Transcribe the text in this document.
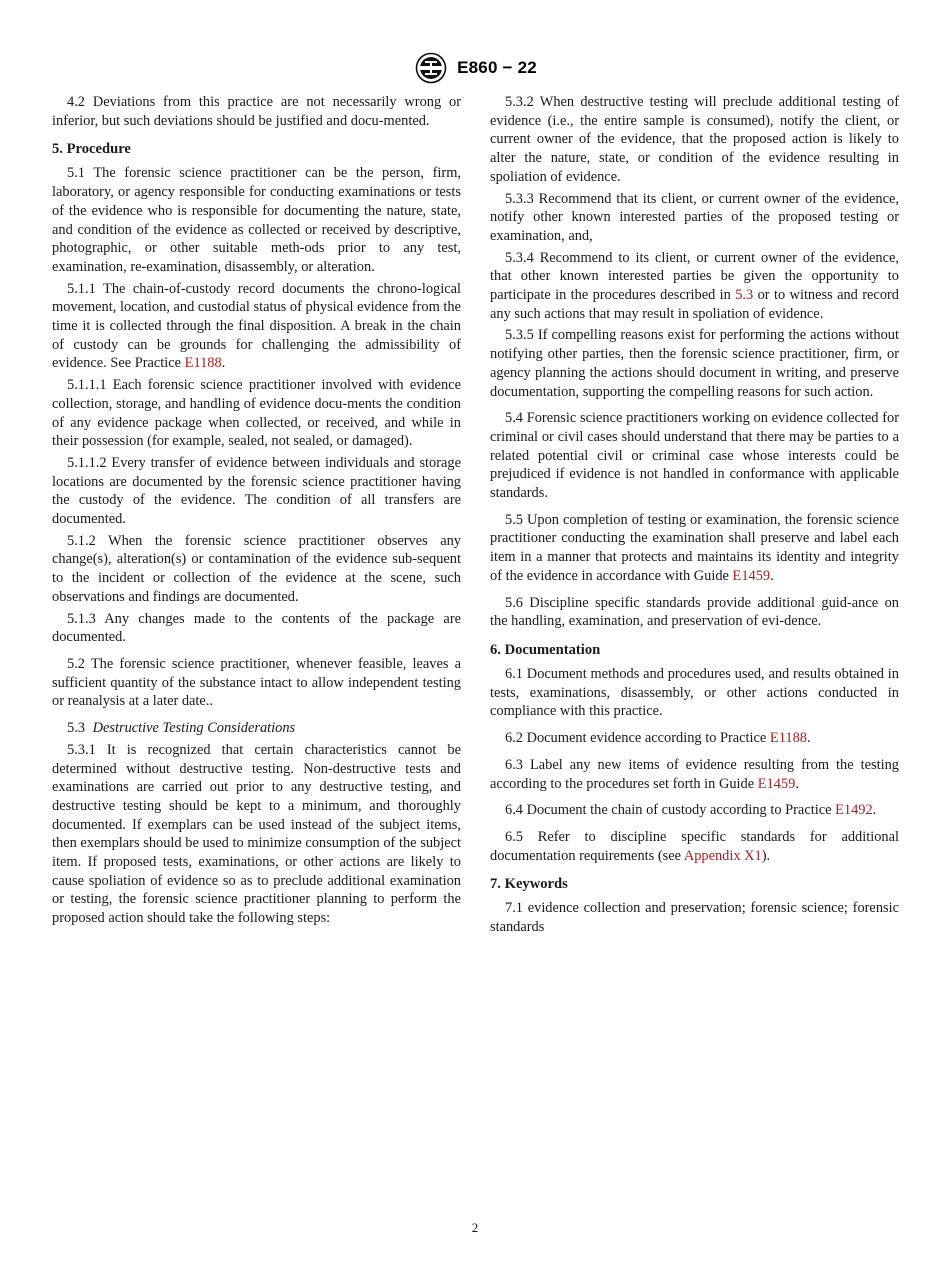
E860 − 22

4.2 Deviations from this practice are not necessarily wrong or inferior, but such deviations should be justified and docu-mented.

5. Procedure

5.1 The forensic science practitioner can be the person, firm, laboratory, or agency responsible for conducting examinations or tests of the evidence who is responsible for documenting the nature, state, and condition of the evidence as collected or received by descriptive, photographic, or other suitable meth-ods prior to any test, examination, re-examination, disassembly, or alteration.

5.1.1 The chain-of-custody record documents the chrono-logical movement, location, and custodial status of physical evidence from the time it is collected through the final disposition. A break in the chain of custody can be grounds for challenging the admissibility of evidence. See Practice E1188.

5.1.1.1 Each forensic science practitioner involved with evidence collection, storage, and handling of evidence docu-ments the condition of any evidence package when collected, or received, and while in their possession (for example, sealed, not sealed, or damaged).

5.1.1.2 Every transfer of evidence between individuals and storage locations are documented by the forensic science practitioner having the custody of the evidence. The condition of all transfers are documented.

5.1.2 When the forensic science practitioner observes any change(s), alteration(s) or contamination of the evidence sub-sequent to the incident or collection of the evidence at the scene, such observations and findings are documented.

5.1.3 Any changes made to the contents of the package are documented.

5.2 The forensic science practitioner, whenever feasible, leaves a sufficient quantity of the substance intact to allow independent testing or reanalysis at a later date..

5.3 Destructive Testing Considerations

5.3.1 It is recognized that certain characteristics cannot be determined without destructive testing. Non-destructive tests and examinations are carried out prior to any destructive testing, and destructive testing should be kept to a minimum, and thoroughly documented. If exemplars can be used instead of the subject items, then exemplars should be used to minimize consumption of the subject item. If proposed tests, examinations, or other actions are likely to cause spoliation of evidence so as to preclude additional examination or testing, the forensic science practitioner planning to perform the proposed action should take the following steps:

5.3.2 When destructive testing will preclude additional testing of evidence (i.e., the entire sample is consumed), notify the client, or current owner of the evidence, that the proposed action is likely to alter the nature, state, or condition of the evidence resulting in spoliation of evidence.

5.3.3 Recommend that its client, or current owner of the evidence, notify other known interested parties of the proposed testing or examination, and,

5.3.4 Recommend to its client, or current owner of the evidence, that other known interested parties be given the opportunity to participate in the procedures described in 5.3 or to witness and record any such actions that may result in spoliation of evidence.

5.3.5 If compelling reasons exist for performing the actions without notifying other parties, then the forensic science practitioner, firm, or agency planning the actions should document in writing, and preserve documentation, supporting the compelling reasons for such action.

5.4 Forensic science practitioners working on evidence collected for criminal or civil cases should understand that there may be parties to a related potential civil or criminal case whose interests could be prejudiced if evidence is not handled in conformance with applicable standards.

5.5 Upon completion of testing or examination, the forensic science practitioner conducting the examination shall preserve and label each item in a manner that protects and maintains its identity and integrity of the evidence in accordance with Guide E1459.

5.6 Discipline specific standards provide additional guid-ance on the handling, examination, and preservation of evi-dence.

6. Documentation

6.1 Document methods and procedures used, and results obtained in tests, examinations, disassembly, or other actions conducted in compliance with this practice.

6.2 Document evidence according to Practice E1188.

6.3 Label any new items of evidence resulting from the testing according to the procedures set forth in Guide E1459.

6.4 Document the chain of custody according to Practice E1492.

6.5 Refer to discipline specific standards for additional documentation requirements (see Appendix X1).

7. Keywords

7.1 evidence collection and preservation; forensic science; forensic standards

2
